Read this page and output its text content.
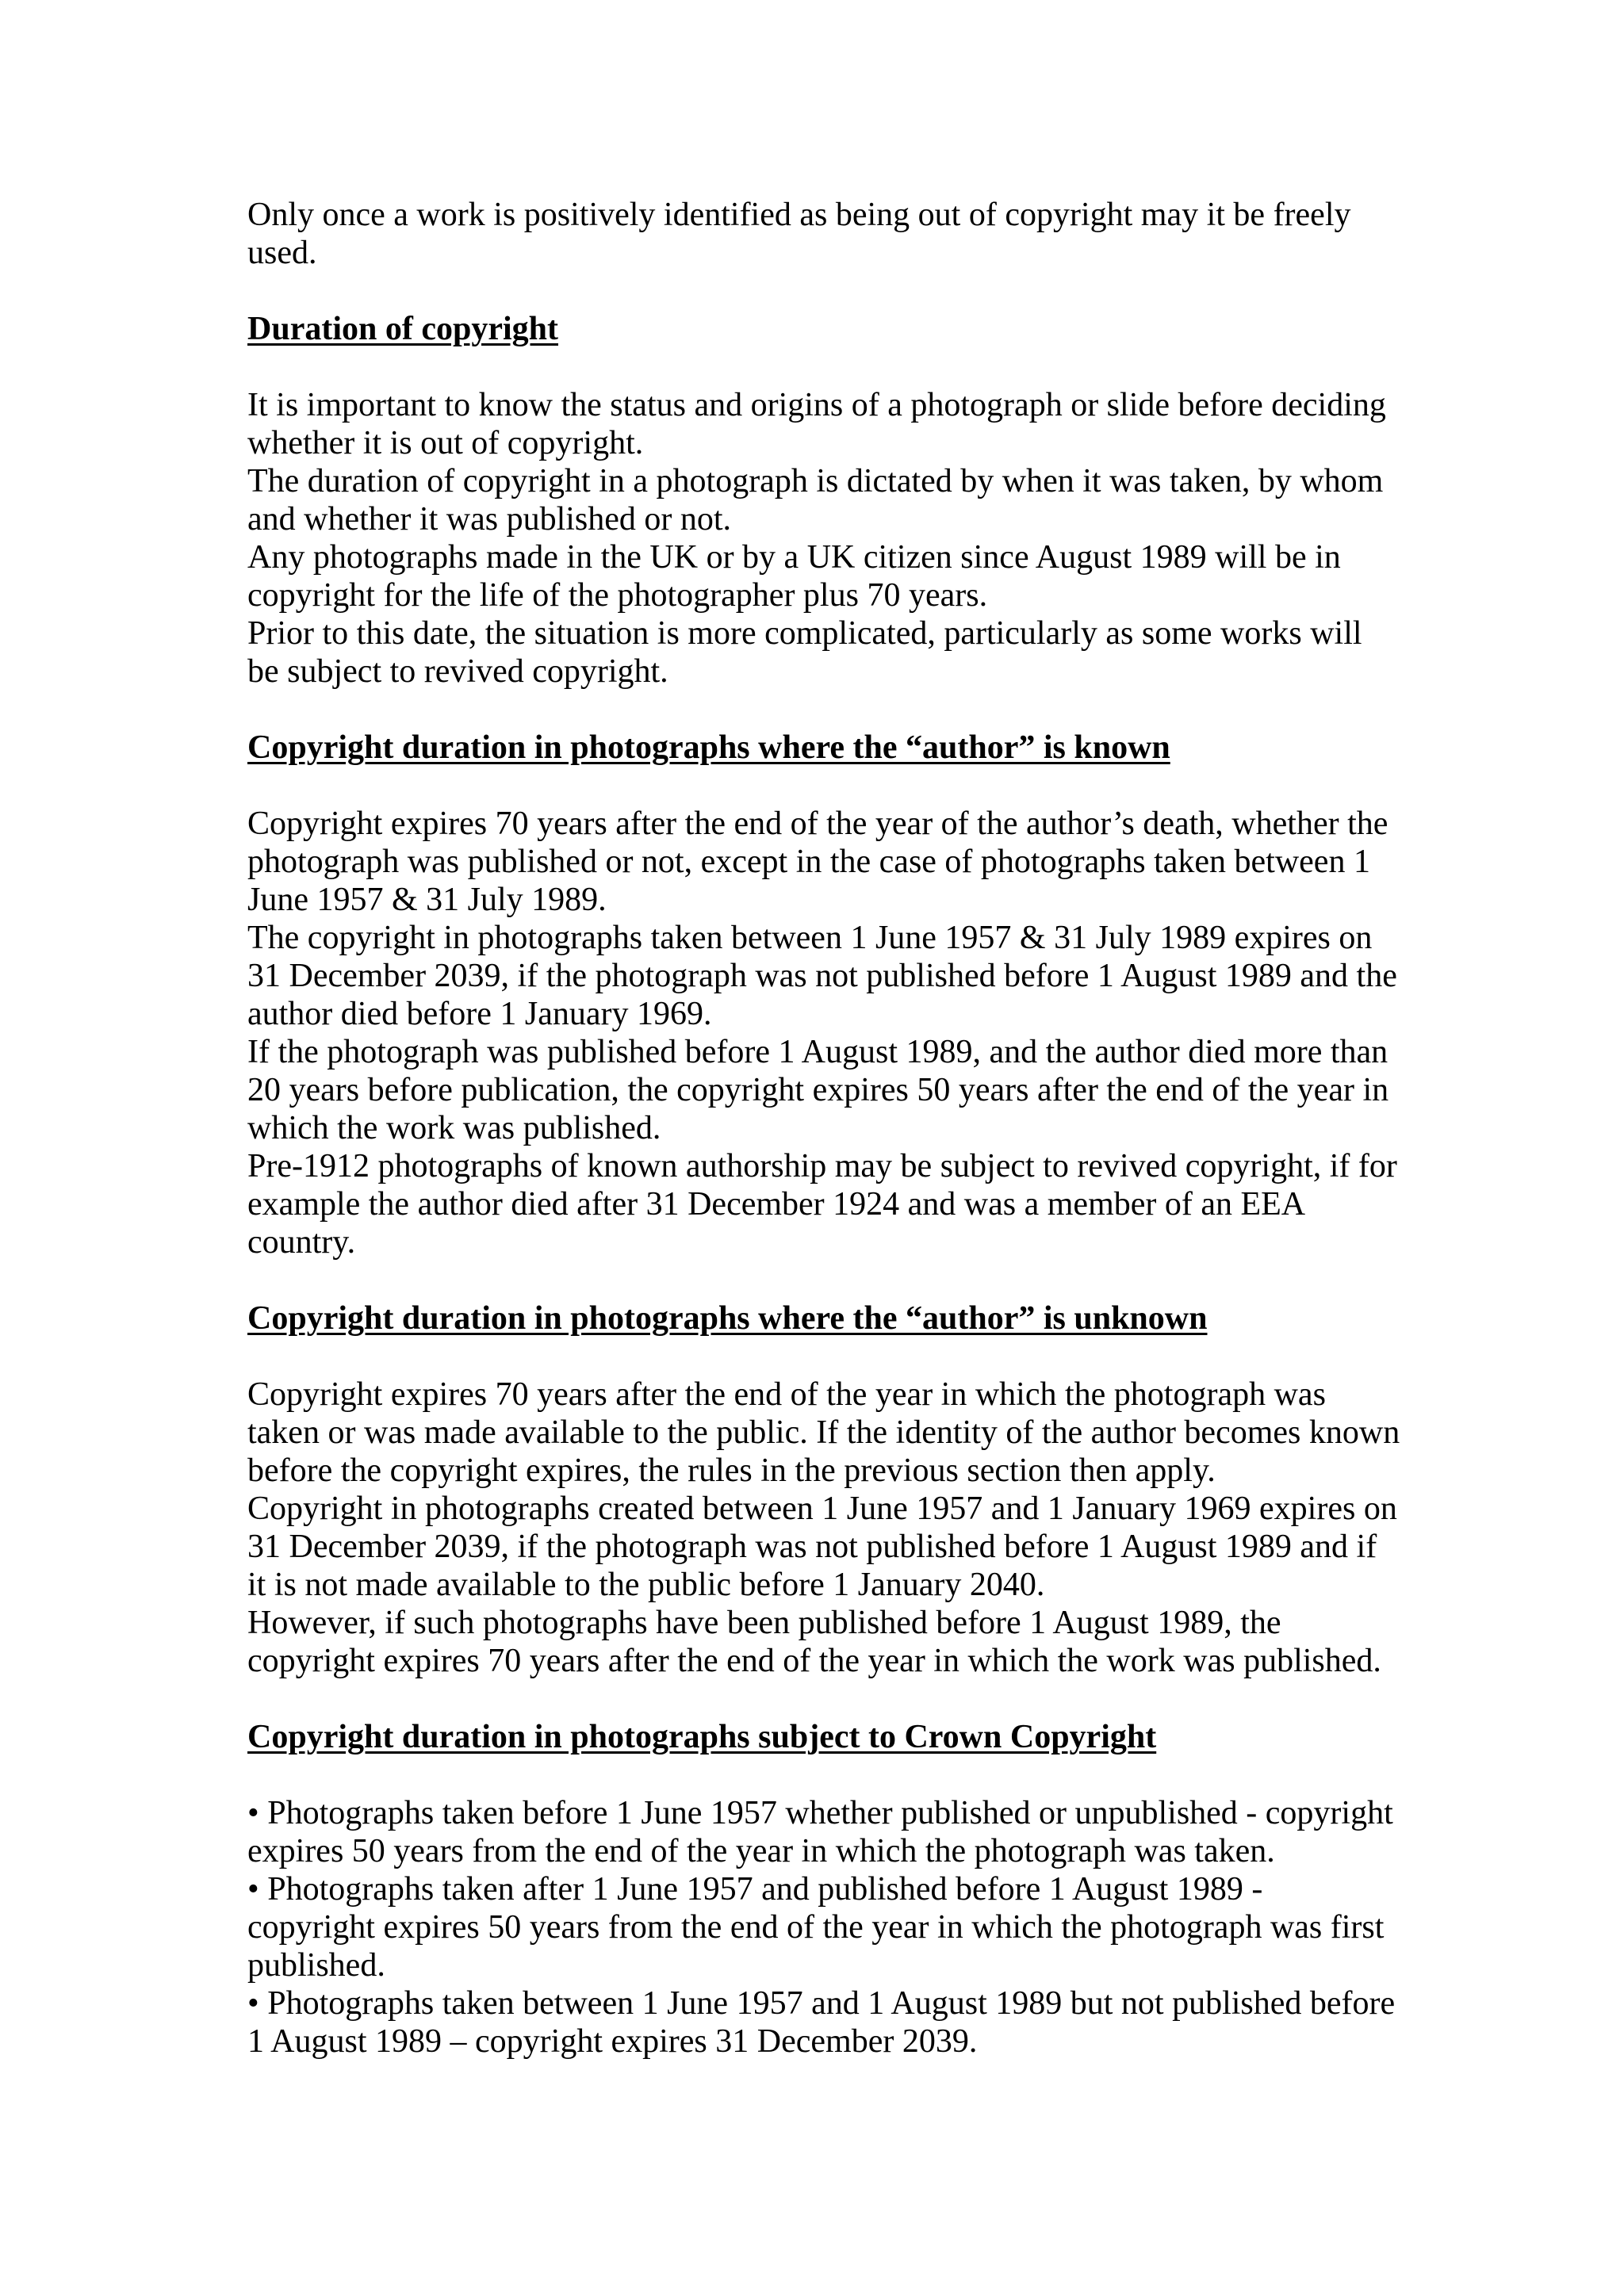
Only once a work is positively identified as being out of copyright may it be freely
used.
Duration of copyright
It is important to know the status and origins of a photograph or slide before deciding
whether it is out of copyright.
The duration of copyright in a photograph is dictated by when it was taken, by whom
and whether it was published or not.
Any photographs made in the UK or by a UK citizen since August 1989 will be in
copyright for the life of the photographer plus 70 years.
Prior to this date, the situation is more complicated, particularly as some works will
be subject to revived copyright.
Copyright duration in photographs where the “author” is known
Copyright expires 70 years after the end of the year of the author’s death, whether the
photograph was published or not, except in the case of photographs taken between 1
June 1957 & 31 July 1989.
The copyright in photographs taken between 1 June 1957 & 31 July 1989 expires on
31 December 2039, if the photograph was not published before 1 August 1989 and the
author died before 1 January 1969.
If the photograph was published before 1 August 1989, and the author died more than
20 years before publication, the copyright expires 50 years after the end of the year in
which the work was published.
Pre-1912 photographs of known authorship may be subject to revived copyright, if for
example the author died after 31 December 1924 and was a member of an EEA
country.
Copyright duration in photographs where the “author” is unknown
Copyright expires 70 years after the end of the year in which the photograph was
taken or was made available to the public. If the identity of the author becomes known
before the copyright expires, the rules in the previous section then apply.
Copyright in photographs created between 1 June 1957 and 1 January 1969 expires on
31 December 2039, if the photograph was not published before 1 August 1989 and if
it is not made available to the public before 1 January 2040.
However, if such photographs have been published before 1 August 1989, the
copyright expires 70 years after the end of the year in which the work was published.
Copyright duration in photographs subject to Crown Copyright
• Photographs taken before 1 June 1957 whether published or unpublished - copyright
expires 50 years from the end of the year in which the photograph was taken.
• Photographs taken after 1 June 1957 and published before 1 August 1989 -
copyright expires 50 years from the end of the year in which the photograph was first
published.
• Photographs taken between 1 June 1957 and 1 August 1989 but not published before
1 August 1989 – copyright expires 31 December 2039.
